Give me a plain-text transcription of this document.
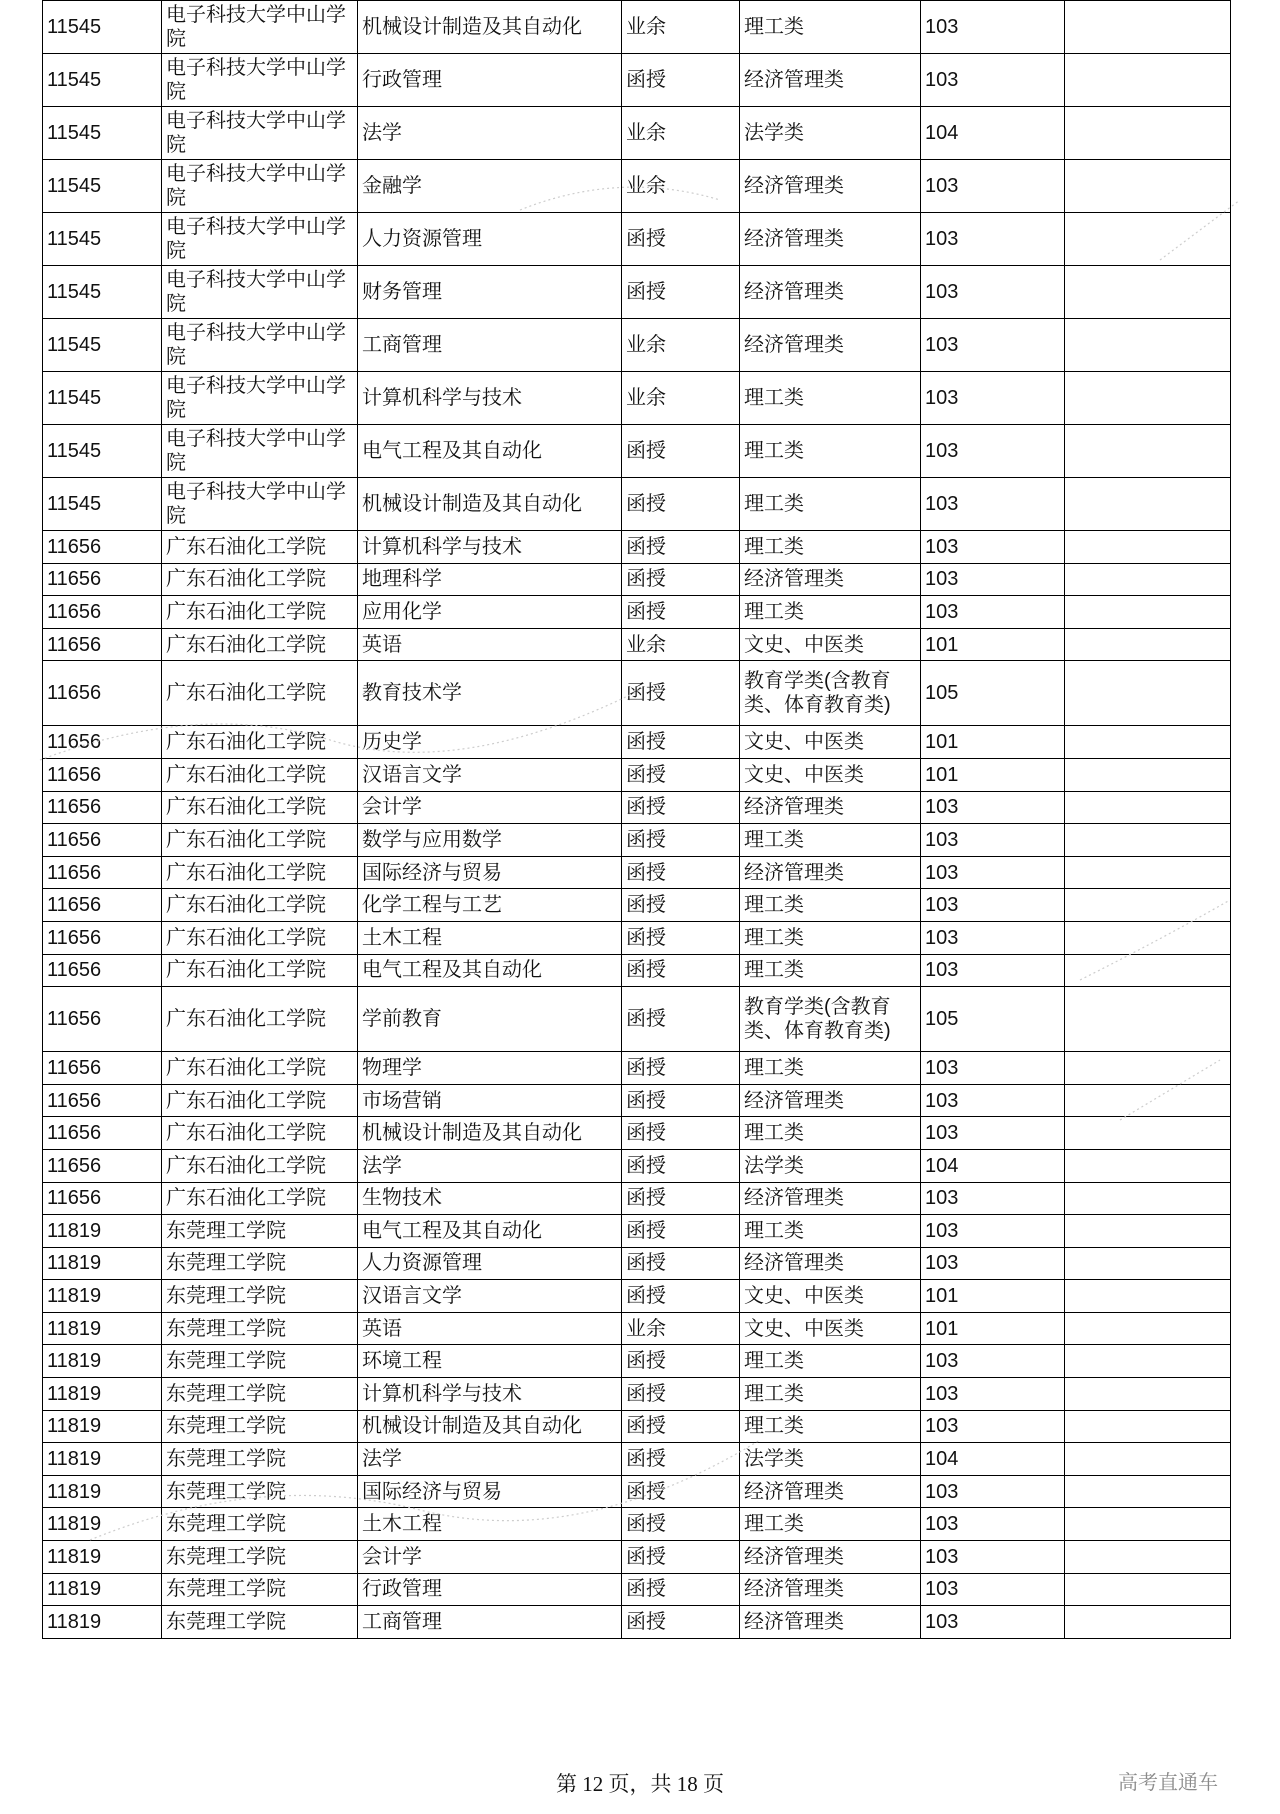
11545	电子科技大学中山学院	机械设计制造及其自动化	业余	理工类	103	
11545	电子科技大学中山学院	行政管理	函授	经济管理类	103	
11545	电子科技大学中山学院	法学	业余	法学类	104	
11545	电子科技大学中山学院	金融学	业余	经济管理类	103	
11545	电子科技大学中山学院	人力资源管理	函授	经济管理类	103	
11545	电子科技大学中山学院	财务管理	函授	经济管理类	103	
11545	电子科技大学中山学院	工商管理	业余	经济管理类	103	
11545	电子科技大学中山学院	计算机科学与技术	业余	理工类	103	
11545	电子科技大学中山学院	电气工程及其自动化	函授	理工类	103	
11545	电子科技大学中山学院	机械设计制造及其自动化	函授	理工类	103	
11656	广东石油化工学院	计算机科学与技术	函授	理工类	103	
11656	广东石油化工学院	地理科学	函授	经济管理类	103	
11656	广东石油化工学院	应用化学	函授	理工类	103	
11656	广东石油化工学院	英语	业余	文史、中医类	101	
11656	广东石油化工学院	教育技术学	函授	教育学类(含教育类、体育教育类)	105	
11656	广东石油化工学院	历史学	函授	文史、中医类	101	
11656	广东石油化工学院	汉语言文学	函授	文史、中医类	101	
11656	广东石油化工学院	会计学	函授	经济管理类	103	
11656	广东石油化工学院	数学与应用数学	函授	理工类	103	
11656	广东石油化工学院	国际经济与贸易	函授	经济管理类	103	
11656	广东石油化工学院	化学工程与工艺	函授	理工类	103	
11656	广东石油化工学院	土木工程	函授	理工类	103	
11656	广东石油化工学院	电气工程及其自动化	函授	理工类	103	
11656	广东石油化工学院	学前教育	函授	教育学类(含教育类、体育教育类)	105	
11656	广东石油化工学院	物理学	函授	理工类	103	
11656	广东石油化工学院	市场营销	函授	经济管理类	103	
11656	广东石油化工学院	机械设计制造及其自动化	函授	理工类	103	
11656	广东石油化工学院	法学	函授	法学类	104	
11656	广东石油化工学院	生物技术	函授	经济管理类	103	
11819	东莞理工学院	电气工程及其自动化	函授	理工类	103	
11819	东莞理工学院	人力资源管理	函授	经济管理类	103	
11819	东莞理工学院	汉语言文学	函授	文史、中医类	101	
11819	东莞理工学院	英语	业余	文史、中医类	101	
11819	东莞理工学院	环境工程	函授	理工类	103	
11819	东莞理工学院	计算机科学与技术	函授	理工类	103	
11819	东莞理工学院	机械设计制造及其自动化	函授	理工类	103	
11819	东莞理工学院	法学	函授	法学类	104	
11819	东莞理工学院	国际经济与贸易	函授	经济管理类	103	
11819	东莞理工学院	土木工程	函授	理工类	103	
11819	东莞理工学院	会计学	函授	经济管理类	103	
11819	东莞理工学院	行政管理	函授	经济管理类	103	
11819	东莞理工学院	工商管理	函授	经济管理类	103	
第 12 页，共 18 页	高考直通车
